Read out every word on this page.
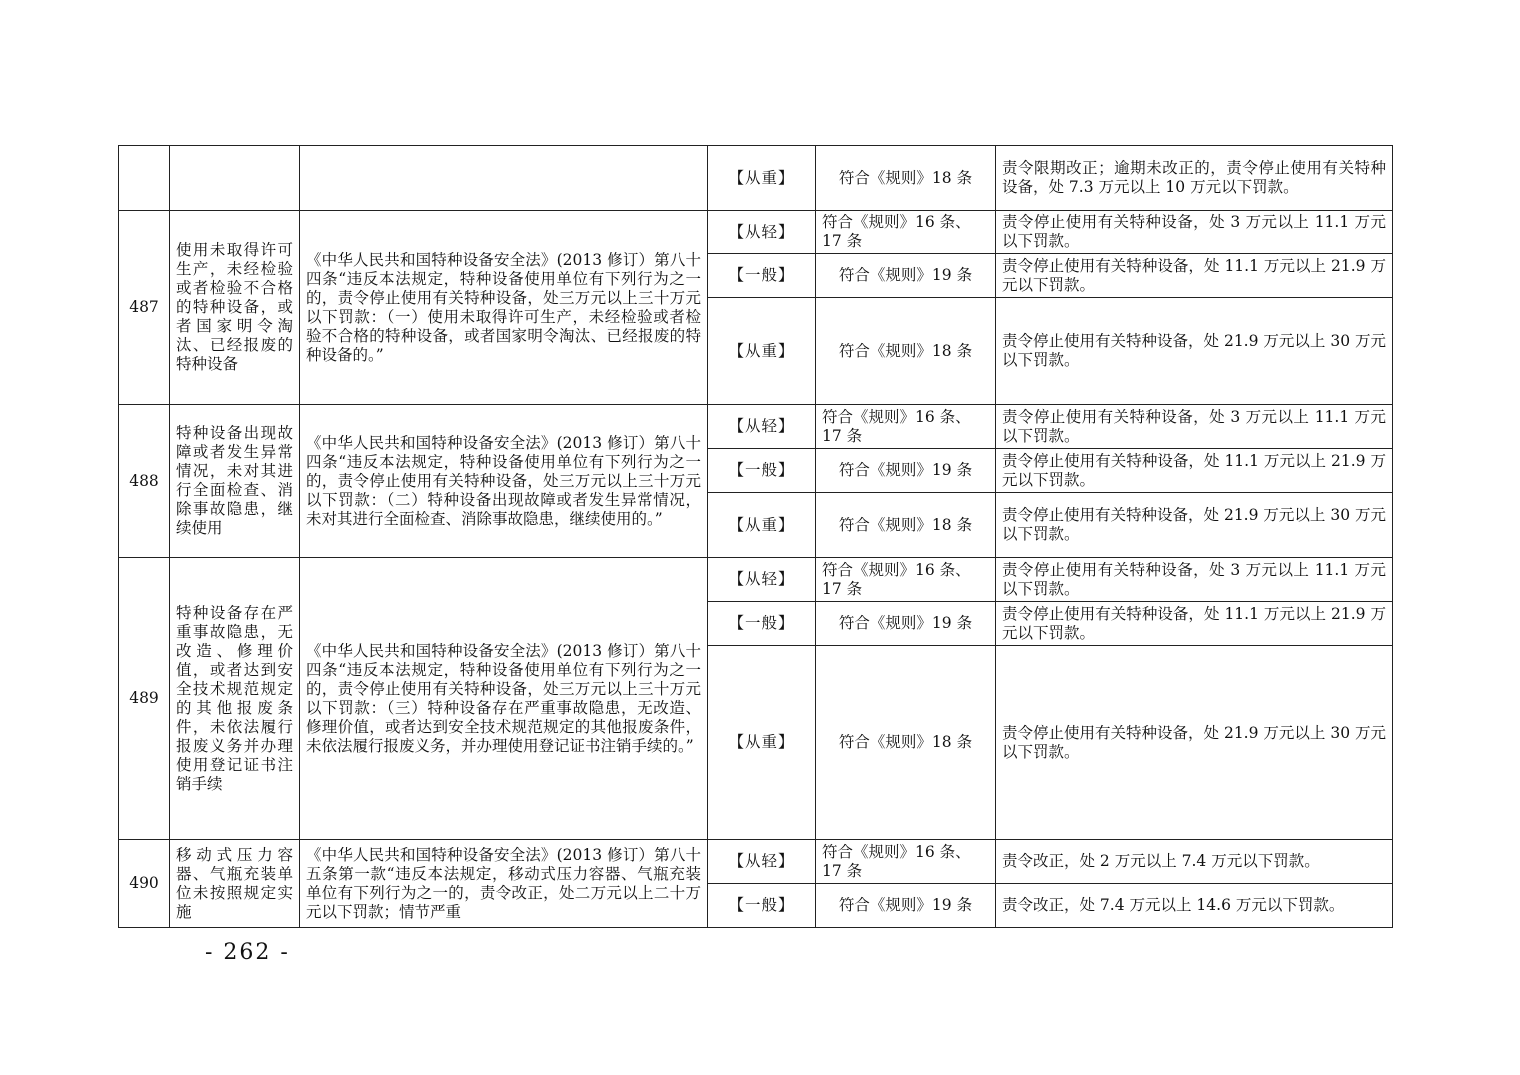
			【从重】	符合《规则》18 条	责令限期改正；逾期未改正的，责令停止使用有关特种设备，处 7.3 万元以上 10 万元以下罚款。
487	使用未取得许可生产，未经检验或者检验不合格的特种设备，或者国家明令淘汰、已经报废的特种设备	《中华人民共和国特种设备安全法》(2013 修订）第八十四条“违反本法规定，特种设备使用单位有下列行为之一的，责令停止使用有关特种设备，处三万元以上三十万元以下罚款：（一）使用未取得许可生产，未经检验或者检验不合格的特种设备，或者国家明令淘汰、已经报废的特种设备的。”	【从轻】	符合《规则》16 条、17 条	责令停止使用有关特种设备，处 3 万元以上 11.1 万元以下罚款。
			【一般】	符合《规则》19 条	责令停止使用有关特种设备，处 11.1 万元以上 21.9 万元以下罚款。
			【从重】	符合《规则》18 条	责令停止使用有关特种设备，处 21.9 万元以上 30 万元以下罚款。
488	特种设备出现故障或者发生异常情况，未对其进行全面检查、消除事故隐患，继续使用	《中华人民共和国特种设备安全法》(2013 修订）第八十四条“违反本法规定，特种设备使用单位有下列行为之一的，责令停止使用有关特种设备，处三万元以上三十万元以下罚款：（二）特种设备出现故障或者发生异常情况，未对其进行全面检查、消除事故隐患，继续使用的。”	【从轻】	符合《规则》16 条、17 条	责令停止使用有关特种设备，处 3 万元以上 11.1 万元以下罚款。
			【一般】	符合《规则》19 条	责令停止使用有关特种设备，处 11.1 万元以上 21.9 万元以下罚款。
			【从重】	符合《规则》18 条	责令停止使用有关特种设备，处 21.9 万元以上 30 万元以下罚款。
489	特种设备存在严重事故隐患，无改造、修理价值，或者达到安全技术规范规定的其他报废条件，未依法履行报废义务并办理使用登记证书注销手续	《中华人民共和国特种设备安全法》(2013 修订）第八十四条“违反本法规定，特种设备使用单位有下列行为之一的，责令停止使用有关特种设备，处三万元以上三十万元以下罚款：（三）特种设备存在严重事故隐患，无改造、修理价值，或者达到安全技术规范规定的其他报废条件，未依法履行报废义务，并办理使用登记证书注销手续的。”	【从轻】	符合《规则》16 条、17 条	责令停止使用有关特种设备，处 3 万元以上 11.1 万元以下罚款。
			【一般】	符合《规则》19 条	责令停止使用有关特种设备，处 11.1 万元以上 21.9 万元以下罚款。
			【从重】	符合《规则》18 条	责令停止使用有关特种设备，处 21.9 万元以上 30 万元以下罚款。
490	移动式压力容器、气瓶充装单位未按照规定实施	《中华人民共和国特种设备安全法》(2013 修订）第八十五条第一款“违反本法规定，移动式压力容器、气瓶充装单位有下列行为之一的，责令改正，处二万元以上二十万元以下罚款；情节严重	【从轻】	符合《规则》16 条、17 条	责令改正，处 2 万元以上 7.4 万元以下罚款。
			【一般】	符合《规则》19 条	责令改正，处 7.4 万元以上 14.6 万元以下罚款。
- 262 -
